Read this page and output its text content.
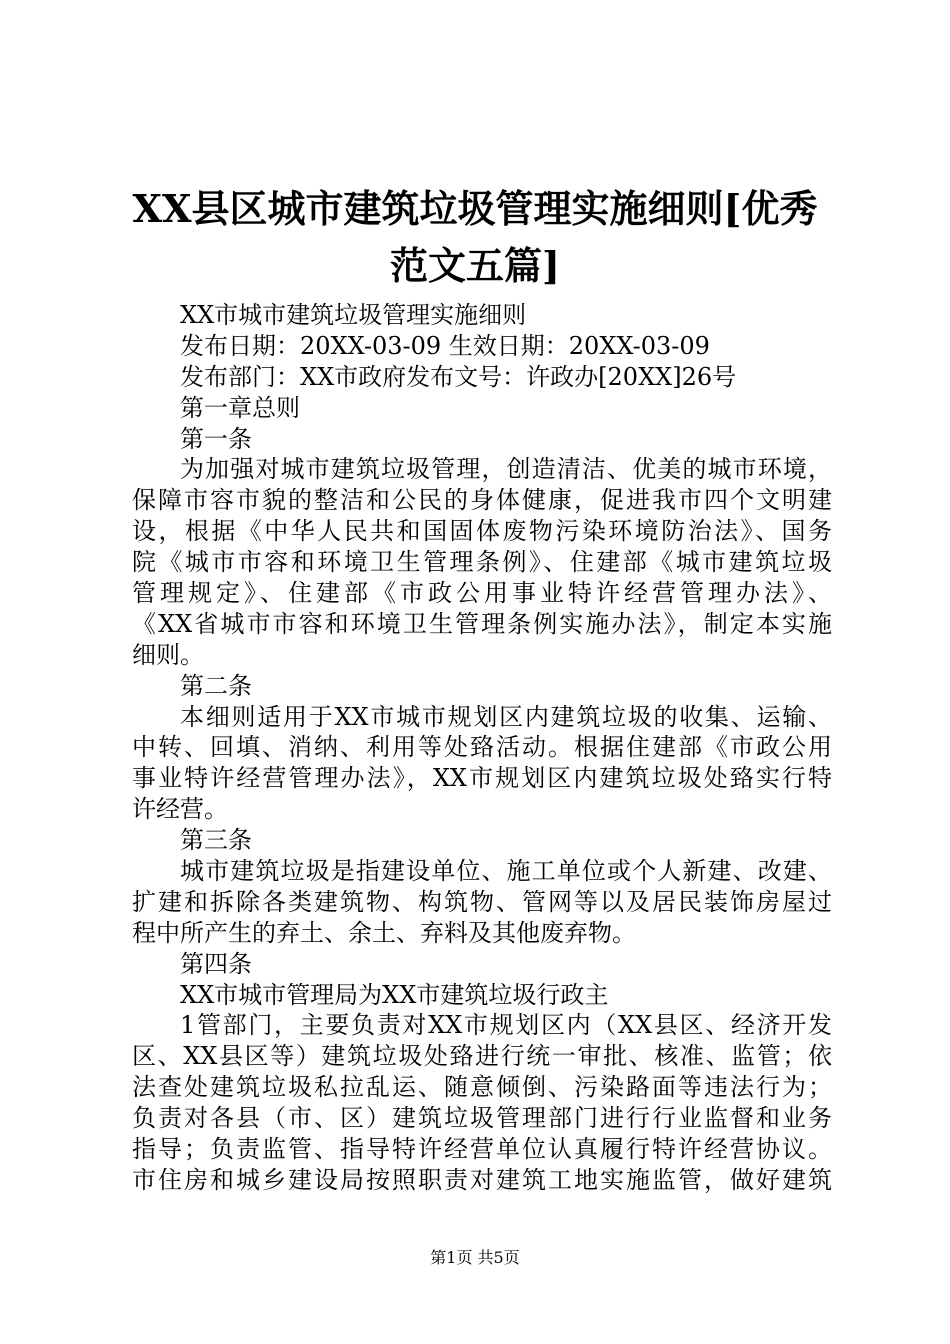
XX县区城市建筑垃圾管理实施细则[优秀范文五篇]
XX市城市建筑垃圾管理实施细则
发布日期：20XX-03-09 生效日期：20XX-03-09
发布部门：XX市政府发布文号：许政办[20XX]26号
第一章总则
第一条
为加强对城市建筑垃圾管理，创造清洁、优美的城市环境，
保障市容市貌的整洁和公民的身体健康，促进我市四个文明建
设，根据《中华人民共和国固体废物污染环境防治法》、国务
院《城市市容和环境卫生管理条例》、住建部《城市建筑垃圾
管理规定》、住建部《市政公用事业特许经营管理办法》、
《XX省城市市容和环境卫生管理条例实施办法》，制定本实施
细则。
第二条
本细则适用于XX市城市规划区内建筑垃圾的收集、运输、
中转、回填、消纳、利用等处臵活动。根据住建部《市政公用
事业特许经营管理办法》，XX市规划区内建筑垃圾处臵实行特
许经营。
第三条
城市建筑垃圾是指建设单位、施工单位或个人新建、改建、
扩建和拆除各类建筑物、构筑物、管网等以及居民装饰房屋过
程中所产生的弃土、余土、弃料及其他废弃物。
第四条
XX市城市管理局为XX市建筑垃圾行政主
1管部门，主要负责对XX市规划区内（XX县区、经济开发
区、XX县区等）建筑垃圾处臵进行统一审批、核准、监管；依
法查处建筑垃圾私拉乱运、随意倾倒、污染路面等违法行为；
负责对各县（市、区）建筑垃圾管理部门进行行业监督和业务
指导；负责监管、指导特许经营单位认真履行特许经营协议。
市住房和城乡建设局按照职责对建筑工地实施监管，做好建筑
第1页 共5页
